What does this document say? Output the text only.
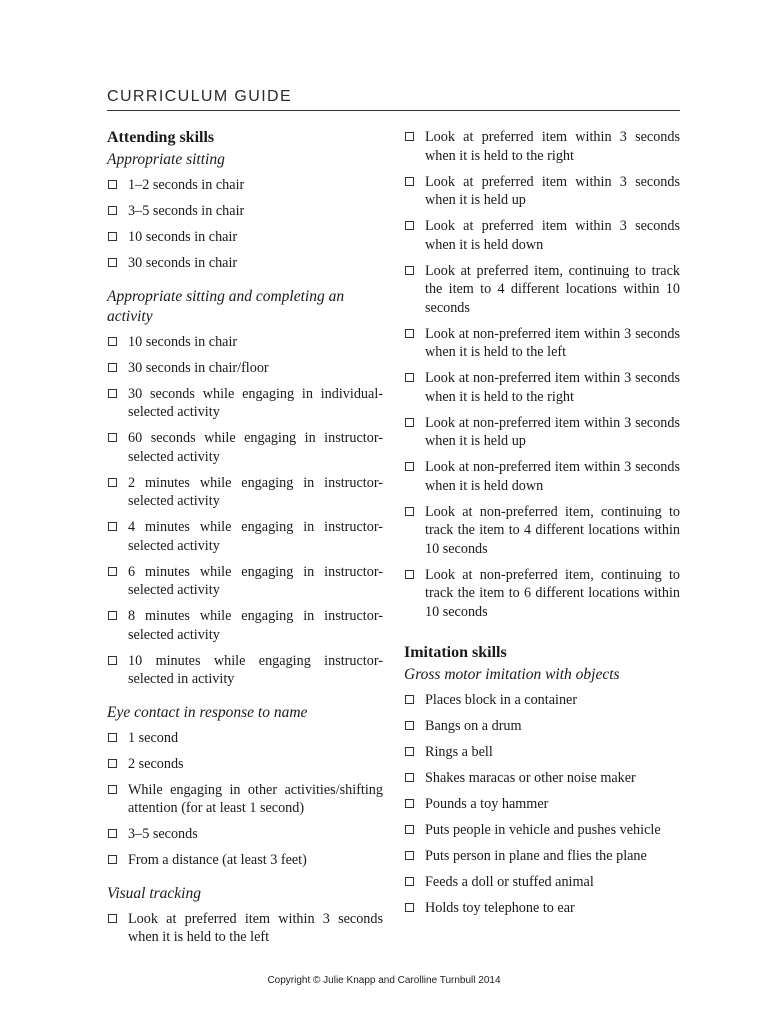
CURRICULUM GUIDE
Attending skills
Appropriate sitting
1–2 seconds in chair
3–5 seconds in chair
10 seconds in chair
30 seconds in chair
Appropriate sitting and completing an activity
10 seconds in chair
30 seconds in chair/floor
30 seconds while engaging in individual-selected activity
60 seconds while engaging in instructor-selected activity
2 minutes while engaging in instructor-selected activity
4 minutes while engaging in instructor-selected activity
6 minutes while engaging in instructor-selected activity
8 minutes while engaging in instructor-selected activity
10 minutes while engaging instructor-selected in activity
Eye contact in response to name
1 second
2 seconds
While engaging in other activities/shifting attention (for at least 1 second)
3–5 seconds
From a distance (at least 3 feet)
Visual tracking
Look at preferred item within 3 seconds when it is held to the left
Look at preferred item within 3 seconds when it is held to the right
Look at preferred item within 3 seconds when it is held up
Look at preferred item within 3 seconds when it is held down
Look at preferred item, continuing to track the item to 4 different locations within 10 seconds
Look at non-preferred item within 3 seconds when it is held to the left
Look at non-preferred item within 3 seconds when it is held to the right
Look at non-preferred item within 3 seconds when it is held up
Look at non-preferred item within 3 seconds when it is held down
Look at non-preferred item, continuing to track the item to 4 different locations within 10 seconds
Look at non-preferred item, continuing to track the item to 6 different locations within 10 seconds
Imitation skills
Gross motor imitation with objects
Places block in a container
Bangs on a drum
Rings a bell
Shakes maracas or other noise maker
Pounds a toy hammer
Puts people in vehicle and pushes vehicle
Puts person in plane and flies the plane
Feeds a doll or stuffed animal
Holds toy telephone to ear
Copyright © Julie Knapp and Carolline Turnbull 2014
